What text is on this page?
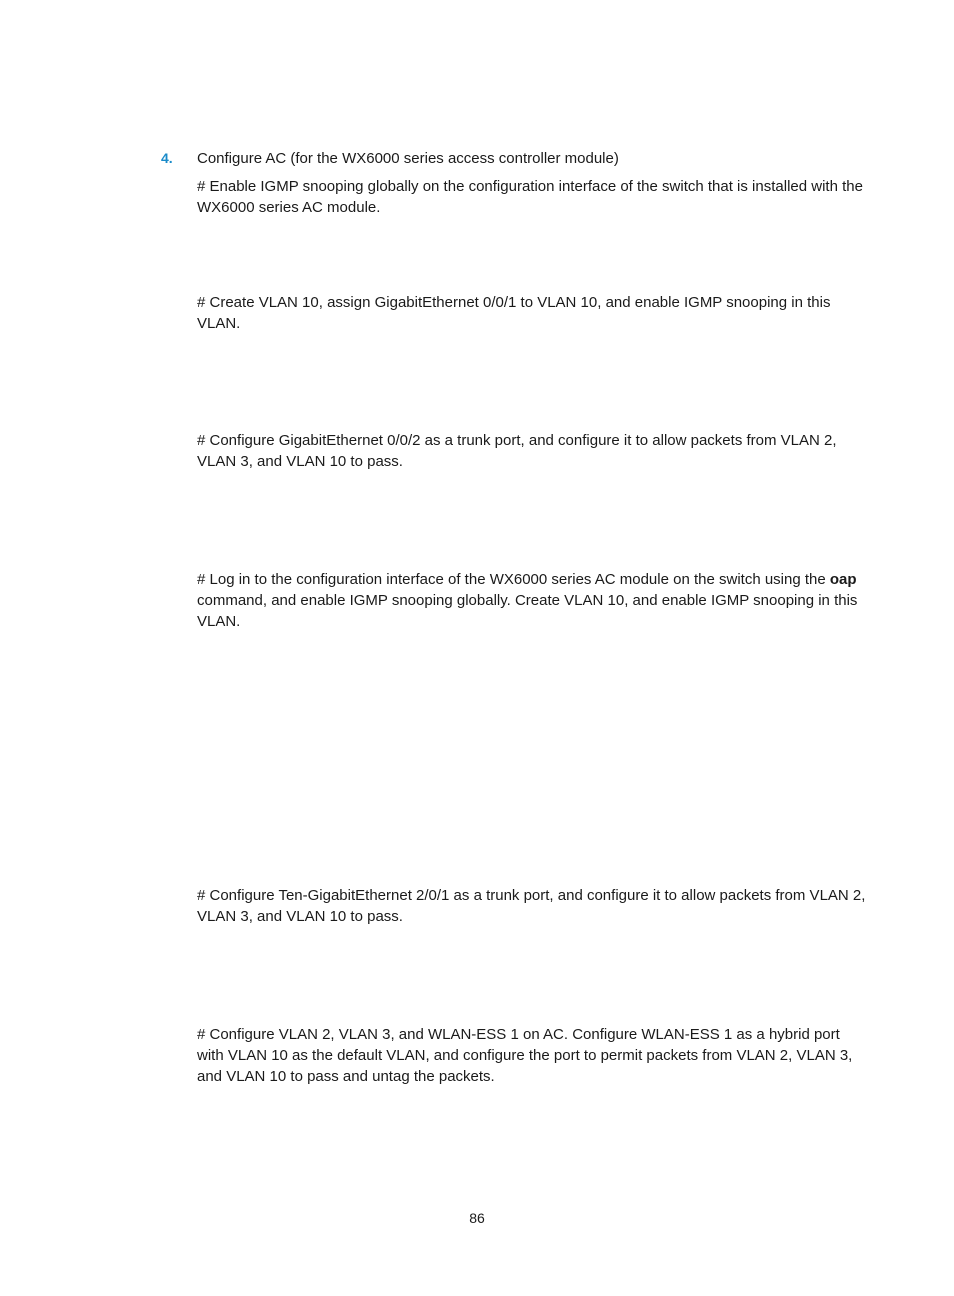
4. Configure AC (for the WX6000 series access controller module)
# Enable IGMP snooping globally on the configuration interface of the switch that is installed with the WX6000 series AC module.
# Create VLAN 10, assign GigabitEthernet 0/0/1 to VLAN 10, and enable IGMP snooping in this VLAN.
# Configure GigabitEthernet 0/0/2 as a trunk port, and configure it to allow packets from VLAN 2, VLAN 3, and VLAN 10 to pass.
# Log in to the configuration interface of the WX6000 series AC module on the switch using the oap command, and enable IGMP snooping globally. Create VLAN 10, and enable IGMP snooping in this VLAN.
# Configure Ten-GigabitEthernet 2/0/1 as a trunk port, and configure it to allow packets from VLAN 2, VLAN 3, and VLAN 10 to pass.
# Configure VLAN 2, VLAN 3, and WLAN-ESS 1 on AC. Configure WLAN-ESS 1 as a hybrid port with VLAN 10 as the default VLAN, and configure the port to permit packets from VLAN 2, VLAN 3, and VLAN 10 to pass and untag the packets.
86
